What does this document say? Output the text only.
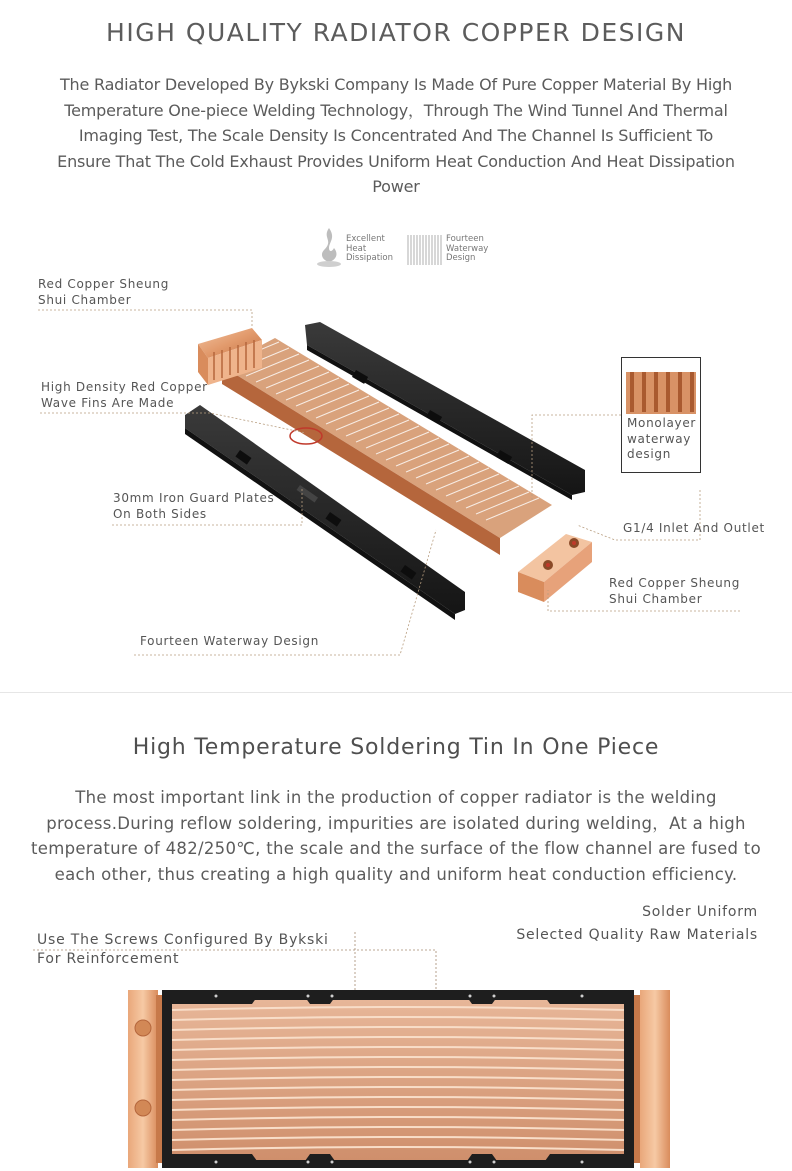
HIGH QUALITY RADIATOR COPPER DESIGN
The Radiator Developed By Bykski Company Is Made Of Pure Copper Material By High Temperature One-piece Welding Technology，Through The Wind Tunnel And Thermal Imaging Test, The Scale Density Is Concentrated And The Channel Is Sufficient To Ensure That The Cold Exhaust Provides Uniform Heat Conduction And Heat Dissipation Power
Excellent
Heat
Dissipation
Fourteen
Waterway
Design
Monolayer
waterway
design
Red Copper Sheung
Shui Chamber
High Density Red Copper
Wave Fins Are Made
30mm Iron Guard Plates
On Both Sides
Fourteen Waterway Design
G1/4 Inlet And Outlet
Red Copper Sheung
Shui Chamber
High Temperature Soldering Tin In One Piece
The most important link in the production of copper radiator is the welding process.During reflow soldering, impurities are isolated during welding，At a high temperature of 482/250℃, the scale and the surface of the flow channel are fused to each other, thus creating a high quality and uniform heat conduction efficiency.
Use The Screws Configured By Bykski
For Reinforcement
Solder Uniform
Selected Quality Raw Materials
